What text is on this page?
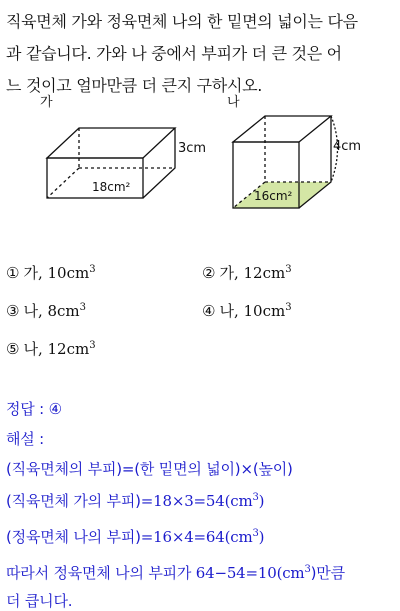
직육면체 가와 정육면체 나의 한 밑면의 넓이는 다음
과 같습니다. 가와 나 중에서 부피가 더 큰 것은 어
느 것이고 얼마만큼 더 큰지 구하시오.
가
3cm
18cm²
나
4cm
16cm²
① 가, $10cm^3$	② 가, $12cm^3$
③ 나, $8cm^3$	④ 나, $10cm^3$
⑤ 나, $12cm^3$
정답 : ④
해설 :
(직육면체의 부피)=(한 밑면의 넓이)×(높이)
(직육면체 가의 부피)$=18\times 3=54(cm^3)$
(정육면체 나의 부피)$=16\times 4=64(cm^3)$
따라서 정육면체 나의 부피가 $64-54=10(cm^3)$만큼
더 큽니다.
